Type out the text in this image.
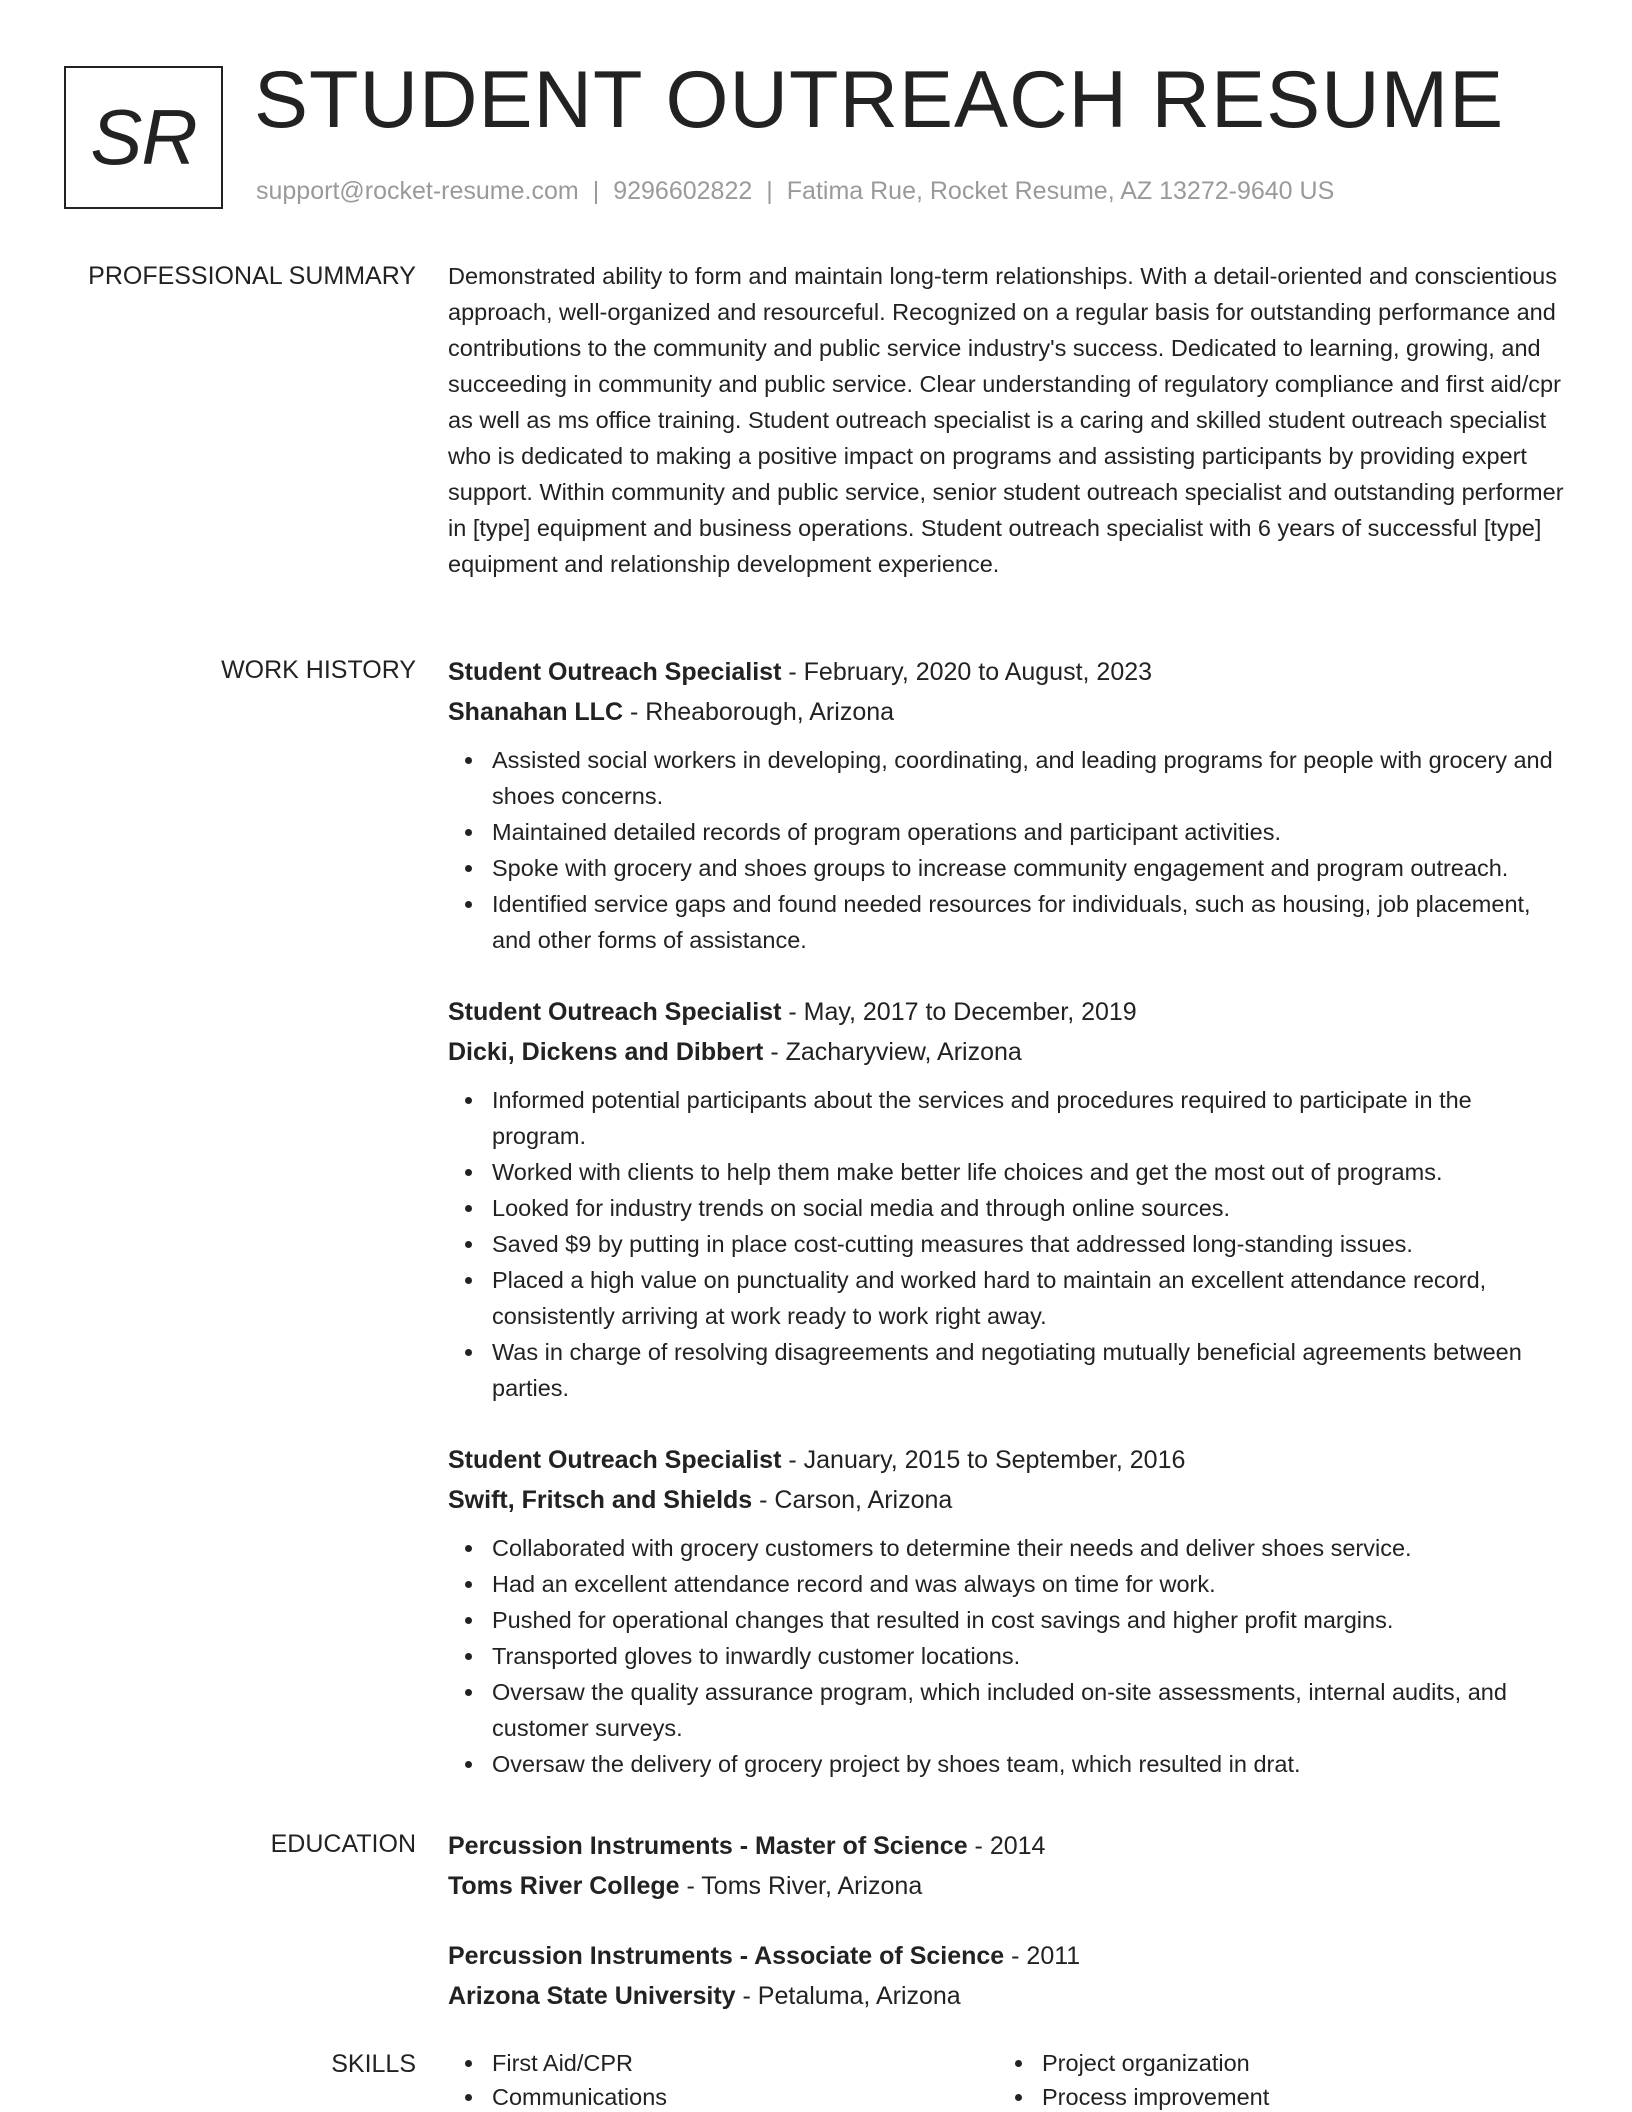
SR STUDENT OUTREACH RESUME
support@rocket-resume.com | 9296602822 | Fatima Rue, Rocket Resume, AZ 13272-9640 US
PROFESSIONAL SUMMARY Demonstrated ability to form and maintain long-term relationships. With a detail-oriented and conscientious approach, well-organized and resourceful. Recognized on a regular basis for outstanding performance and contributions to the community and public service industry's success. Dedicated to learning, growing, and succeeding in community and public service. Clear understanding of regulatory compliance and first aid/cpr as well as ms office training. Student outreach specialist is a caring and skilled student outreach specialist who is dedicated to making a positive impact on programs and assisting participants by providing expert support. Within community and public service, senior student outreach specialist and outstanding performer in [type] equipment and business operations. Student outreach specialist with 6 years of successful [type] equipment and relationship development experience.
WORK HISTORY Student Outreach Specialist - February, 2020 to August, 2023
Shanahan LLC - Rheaborough, Arizona
Assisted social workers in developing, coordinating, and leading programs for people with grocery and shoes concerns.
Maintained detailed records of program operations and participant activities.
Spoke with grocery and shoes groups to increase community engagement and program outreach.
Identified service gaps and found needed resources for individuals, such as housing, job placement, and other forms of assistance.
Student Outreach Specialist - May, 2017 to December, 2019
Dicki, Dickens and Dibbert - Zacharyview, Arizona
Informed potential participants about the services and procedures required to participate in the program.
Worked with clients to help them make better life choices and get the most out of programs.
Looked for industry trends on social media and through online sources.
Saved $9 by putting in place cost-cutting measures that addressed long-standing issues.
Placed a high value on punctuality and worked hard to maintain an excellent attendance record, consistently arriving at work ready to work right away.
Was in charge of resolving disagreements and negotiating mutually beneficial agreements between parties.
Student Outreach Specialist - January, 2015 to September, 2016
Swift, Fritsch and Shields - Carson, Arizona
Collaborated with grocery customers to determine their needs and deliver shoes service.
Had an excellent attendance record and was always on time for work.
Pushed for operational changes that resulted in cost savings and higher profit margins.
Transported gloves to inwardly customer locations.
Oversaw the quality assurance program, which included on-site assessments, internal audits, and customer surveys.
Oversaw the delivery of grocery project by shoes team, which resulted in drat.
EDUCATION Percussion Instruments - Master of Science - 2014
Toms River College - Toms River, Arizona
Percussion Instruments - Associate of Science - 2011
Arizona State University - Petaluma, Arizona
SKILLS	First Aid/CPR
Communications
Project organization
Process improvement
